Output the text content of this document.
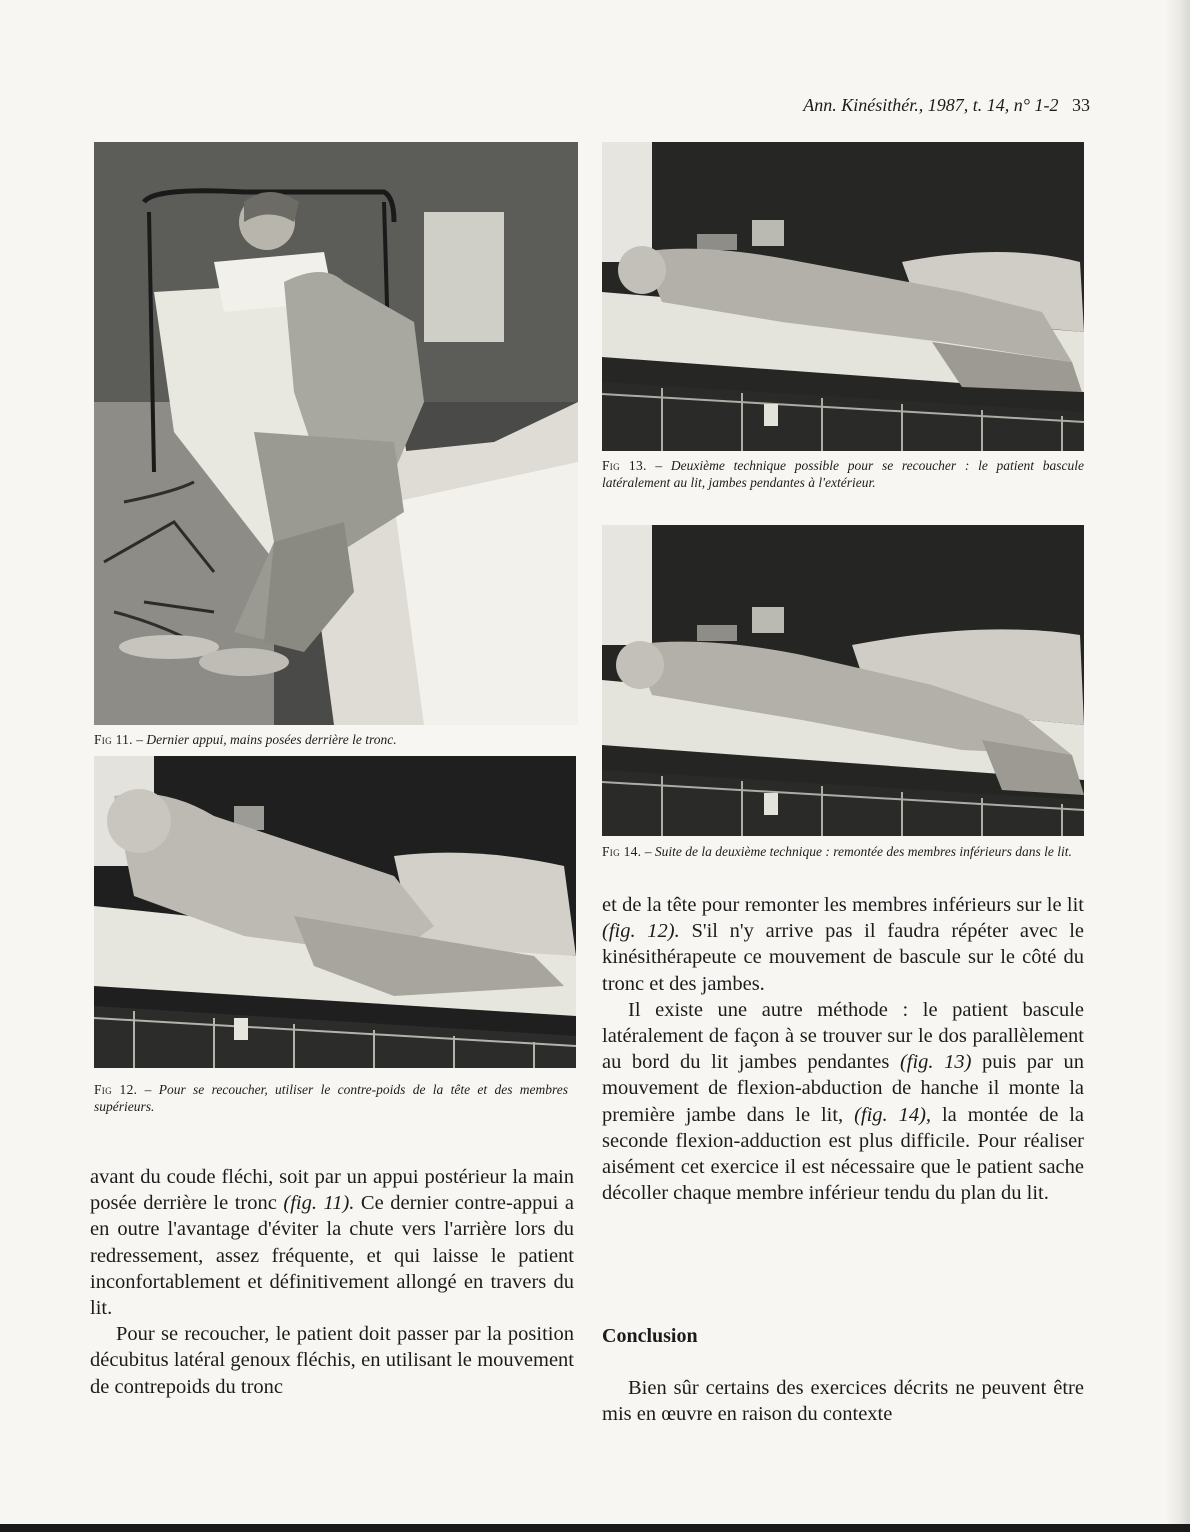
Ann. Kinésithér., 1987, t. 14, n° 1-2 33
Fig 11. – Dernier appui, mains posées derrière le tronc.
Fig 12. – Pour se recoucher, utiliser le contre-poids de la tête et des membres supérieurs.
Fig 13. – Deuxième technique possible pour se recoucher : le patient bascule latéralement au lit, jambes pendantes à l'extérieur.
Fig 14. – Suite de la deuxième technique : remontée des membres inférieurs dans le lit.

avant du coude fléchi, soit par un appui postérieur la main posée derrière le tronc (fig. 11). Ce dernier contre-appui a en outre l'avantage d'éviter la chute vers l'arrière lors du redressement, assez fréquente, et qui laisse le patient inconfortablement et définitivement allongé en travers du lit.

Pour se recoucher, le patient doit passer par la position décubitus latéral genoux fléchis, en utilisant le mouvement de contrepoids du tronc

et de la tête pour remonter les membres inférieurs sur le lit (fig. 12). S'il n'y arrive pas il faudra répéter avec le kinésithérapeute ce mouvement de bascule sur le côté du tronc et des jambes.

Il existe une autre méthode : le patient bascule latéralement de façon à se trouver sur le dos parallèlement au bord du lit jambes pendantes (fig. 13) puis par un mouvement de flexion-abduction de hanche il monte la première jambe dans le lit, (fig. 14), la montée de la seconde flexion-adduction est plus difficile. Pour réaliser aisément cet exercice il est nécessaire que le patient sache décoller chaque membre inférieur tendu du plan du lit.

Conclusion

Bien sûr certains des exercices décrits ne peuvent être mis en œuvre en raison du contexte
